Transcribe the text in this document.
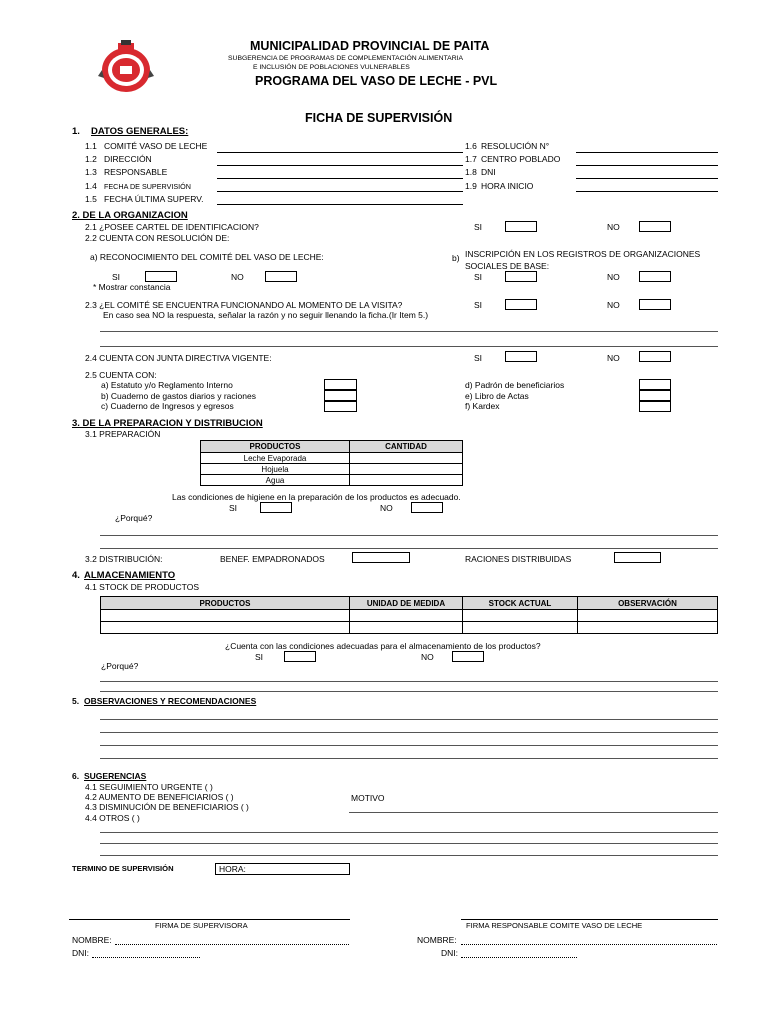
MUNICIPALIDAD PROVINCIAL DE PAITA
SUBGERENCIA DE PROGRAMAS DE COMPLEMENTACIÓN ALIMENTARIA
E INCLUSIÓN DE POBLACIONES VULNERABLES
PROGRAMA DEL VASO DE LECHE - PVL
FICHA DE SUPERVISIÓN
1. DATOS GENERALES:
1.1 COMITÉ VASO DE LECHE
1.2 DIRECCIÓN
1.3 RESPONSABLE
1.4 FECHA DE SUPERVISIÓN
1.5 FECHA ÚLTIMA SUPERV.
1.6 RESOLUCIÓN N°
1.7 CENTRO POBLADO
1.8 DNI
1.9 HORA INICIO
2. DE LA ORGANIZACION
2.1 ¿POSEE CARTEL DE IDENTIFICACION?	SI	NO
2.2 CUENTA CON RESOLUCIÓN DE:
a) RECONOCIMIENTO DEL COMITÉ DEL VASO DE LECHE:	b) INSCRIPCIÓN EN LOS REGISTROS DE ORGANIZACIONES
SOCIALES DE BASE:
SI	NO	SI	NO
* Mostrar constancia
2.3 ¿EL COMITÉ SE ENCUENTRA FUNCIONANDO AL MOMENTO DE LA VISITA?	SI	NO
En caso sea NO la respuesta, señalar la razón y no seguir llenando la ficha.(Ir Item 5.)
2.4 CUENTA CON JUNTA DIRECTIVA VIGENTE:	SI	NO
2.5 CUENTA CON:
a) Estatuto y/o Reglamento Interno
b) Cuaderno de gastos diarios y raciones
c) Cuaderno de Ingresos y egresos
d) Padrón de beneficiarios
e) Libro de Actas
f) Kardex
3. DE LA PREPARACION Y DISTRIBUCION
3.1 PREPARACIÓN
PRODUCTOS	CANTIDAD
Leche Evaporada	
Hojuela	
Agua	
Las condiciones de higiene en la preparación de los productos es adecuado.
SI	NO
¿Porqué?
3.2 DISTRIBUCIÓN:	BENEF. EMPADRONADOS	RACIONES DISTRIBUIDAS
4. ALMACENAMIENTO
4.1 STOCK DE PRODUCTOS
PRODUCTOS	UNIDAD DE MEDIDA	STOCK ACTUAL	OBSERVACIÓN

¿Cuenta con las condiciones adecuadas para el almacenamiento de los productos?
SI	NO
¿Porqué?
5. OBSERVACIONES Y RECOMENDACIONES
6. SUGERENCIAS
4.1 SEGUIMIENTO URGENTE ( )
4.2 AUMENTO DE BENEFICIARIOS ( )
4.3 DISMINUCIÓN DE BENEFICIARIOS ( )
4.4 OTROS ( )
MOTIVO
TERMINO DE SUPERVISIÓN	HORA:
FIRMA DE SUPERVISORA	FIRMA RESPONSABLE COMITE VASO DE LECHE
NOMBRE:
DNI:
NOMBRE:
DNI:
